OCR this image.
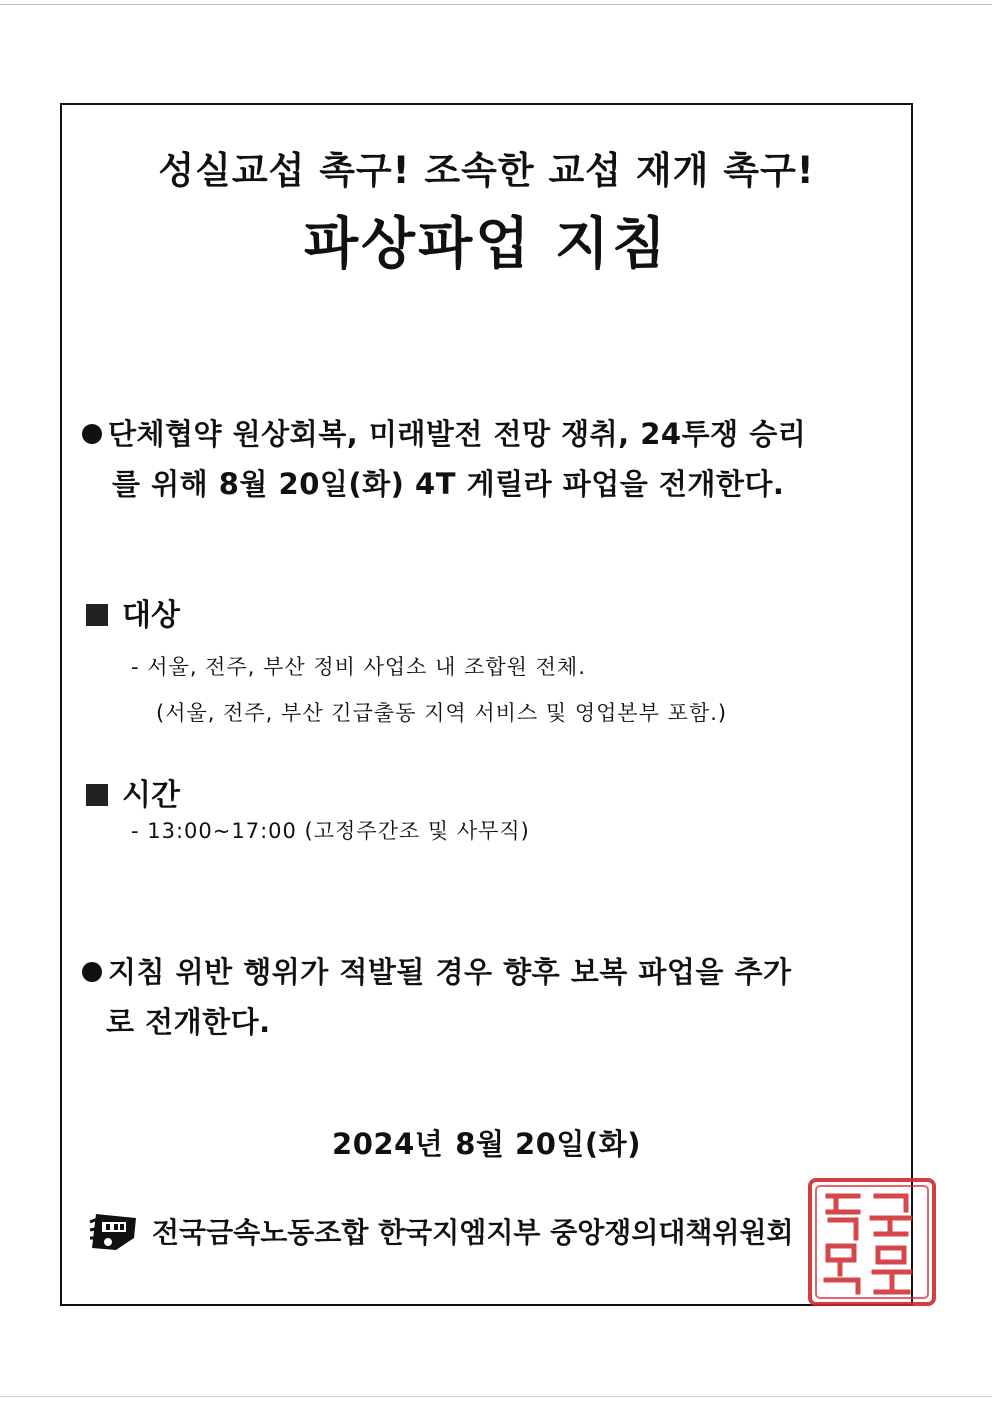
성실교섭 촉구! 조속한 교섭 재개 촉구!
파상파업 지침
단체협약 원상회복, 미래발전 전망 쟁취, 24투쟁 승리
를 위해 8월 20일(화) 4T 게릴라 파업을 전개한다.
대상
- 서울, 전주, 부산 정비 사업소 내 조합원 전체.
(서울, 전주, 부산 긴급출동 지역 서비스 및 영업본부 포함.)
시간
- 13:00~17:00 (고정주간조 및 사무직)
지침 위반 행위가 적발될 경우 향후 보복 파업을 추가
로 전개한다.
2024년 8월 20일(화)
전국금속노동조합 한국지엠지부 중앙쟁의대책위원회
